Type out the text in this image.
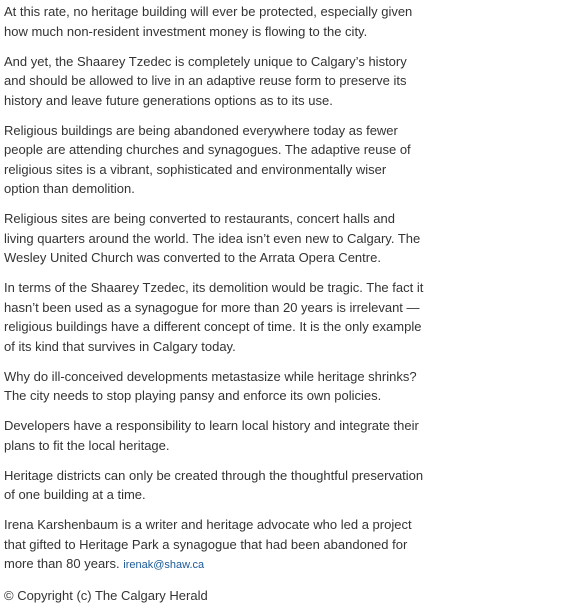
At this rate, no heritage building will ever be protected, especially given how much non-resident investment money is flowing to the city.

And yet, the Shaarey Tzedec is completely unique to Calgary’s history and should be allowed to live in an adaptive reuse form to preserve its history and leave future generations options as to its use.

Religious buildings are being abandoned everywhere today as fewer people are attending churches and synagogues. The adaptive reuse of religious sites is a vibrant, sophisticated and environmentally wiser option than demolition.

Religious sites are being converted to restaurants, concert halls and living quarters around the world. The idea isn’t even new to Calgary. The Wesley United Church was converted to the Arrata Opera Centre.

In terms of the Shaarey Tzedec, its demolition would be tragic. The fact it hasn’t been used as a synagogue for more than 20 years is irrelevant — religious buildings have a different concept of time. It is the only example of its kind that survives in Calgary today.

Why do ill-conceived developments metastasize while heritage shrinks? The city needs to stop playing pansy and enforce its own policies.

Developers have a responsibility to learn local history and integrate their plans to fit the local heritage.

Heritage districts can only be created through the thoughtful preservation of one building at a time.

Irena Karshenbaum is a writer and heritage advocate who led a project that gifted to Heritage Park a synagogue that had been abandoned for more than 80 years. irenak@shaw.ca

© Copyright (c) The Calgary Herald
